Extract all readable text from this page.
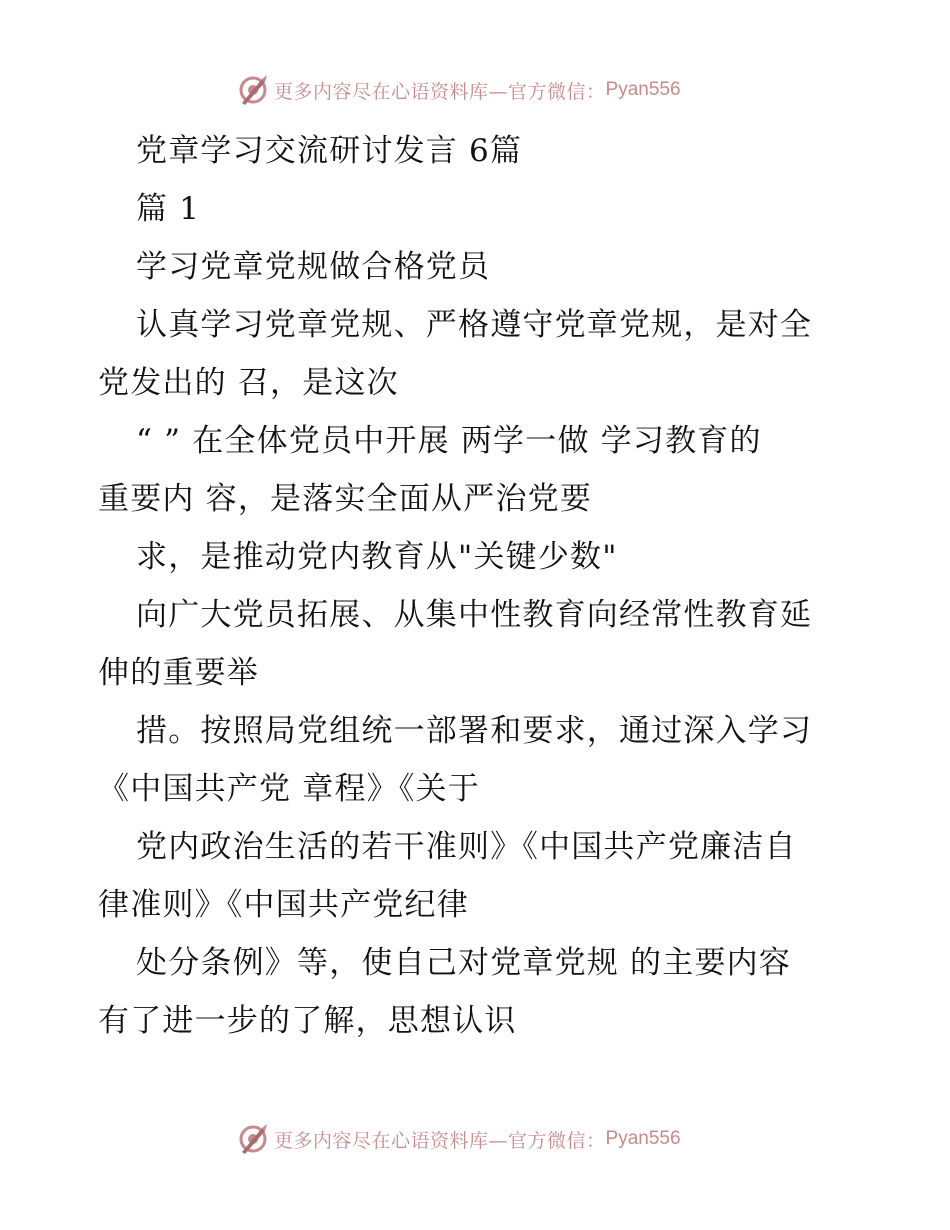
更多内容尽在心语资料库—官方微信： Pyan556
党章学习交流研讨发言 6篇
篇 1
学习党章党规做合格党员
认真学习党章党规、严格遵守党章党规，是对全
党发出的 召，是这次
“ ” 在全体党员中开展 两学一做 学习教育的
重要内 容，是落实全面从严治党要
求，是推动党内教育从"关键少数"
向广大党员拓展、从集中性教育向经常性教育延
伸的重要举
措。按照局党组统一部署和要求，通过深入学习
《中国共产党 章程》《关于
党内政治生活的若干准则》《中国共产党廉洁自
律准则》《中国共产党纪律
处分条例》等，使自己对党章党规 的主要内容
有了进一步的了解，思想认识
更多内容尽在心语资料库—官方微信： Pyan556
